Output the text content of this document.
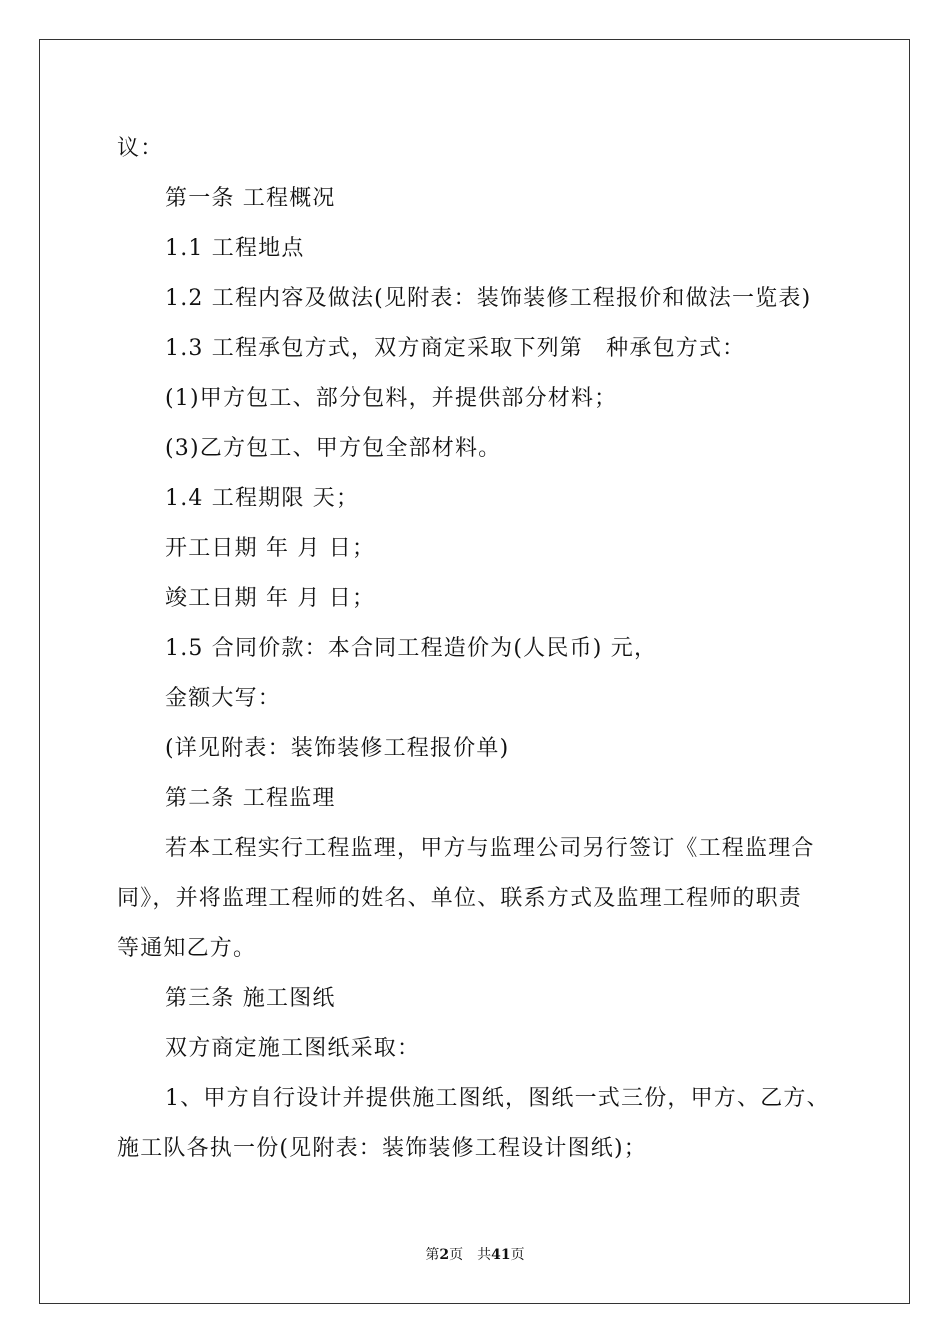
议：
第一条 工程概况
1.1 工程地点
1.2 工程内容及做法(见附表：装饰装修工程报价和做法一览表)
1.3 工程承包方式，双方商定采取下列第　种承包方式：
(1)甲方包工、部分包料，并提供部分材料；
(3)乙方包工、甲方包全部材料。
1.4 工程期限 天；
开工日期 年 月 日；
竣工日期 年 月 日；
1.5 合同价款：本合同工程造价为(人民币) 元，
金额大写：
(详见附表：装饰装修工程报价单)
第二条 工程监理
若本工程实行工程监理，甲方与监理公司另行签订《工程监理合
同》，并将监理工程师的姓名、单位、联系方式及监理工程师的职责
等通知乙方。
第三条 施工图纸
双方商定施工图纸采取：
1、甲方自行设计并提供施工图纸，图纸一式三份，甲方、乙方、
施工队各执一份(见附表：装饰装修工程设计图纸)；
第2页　共41页
